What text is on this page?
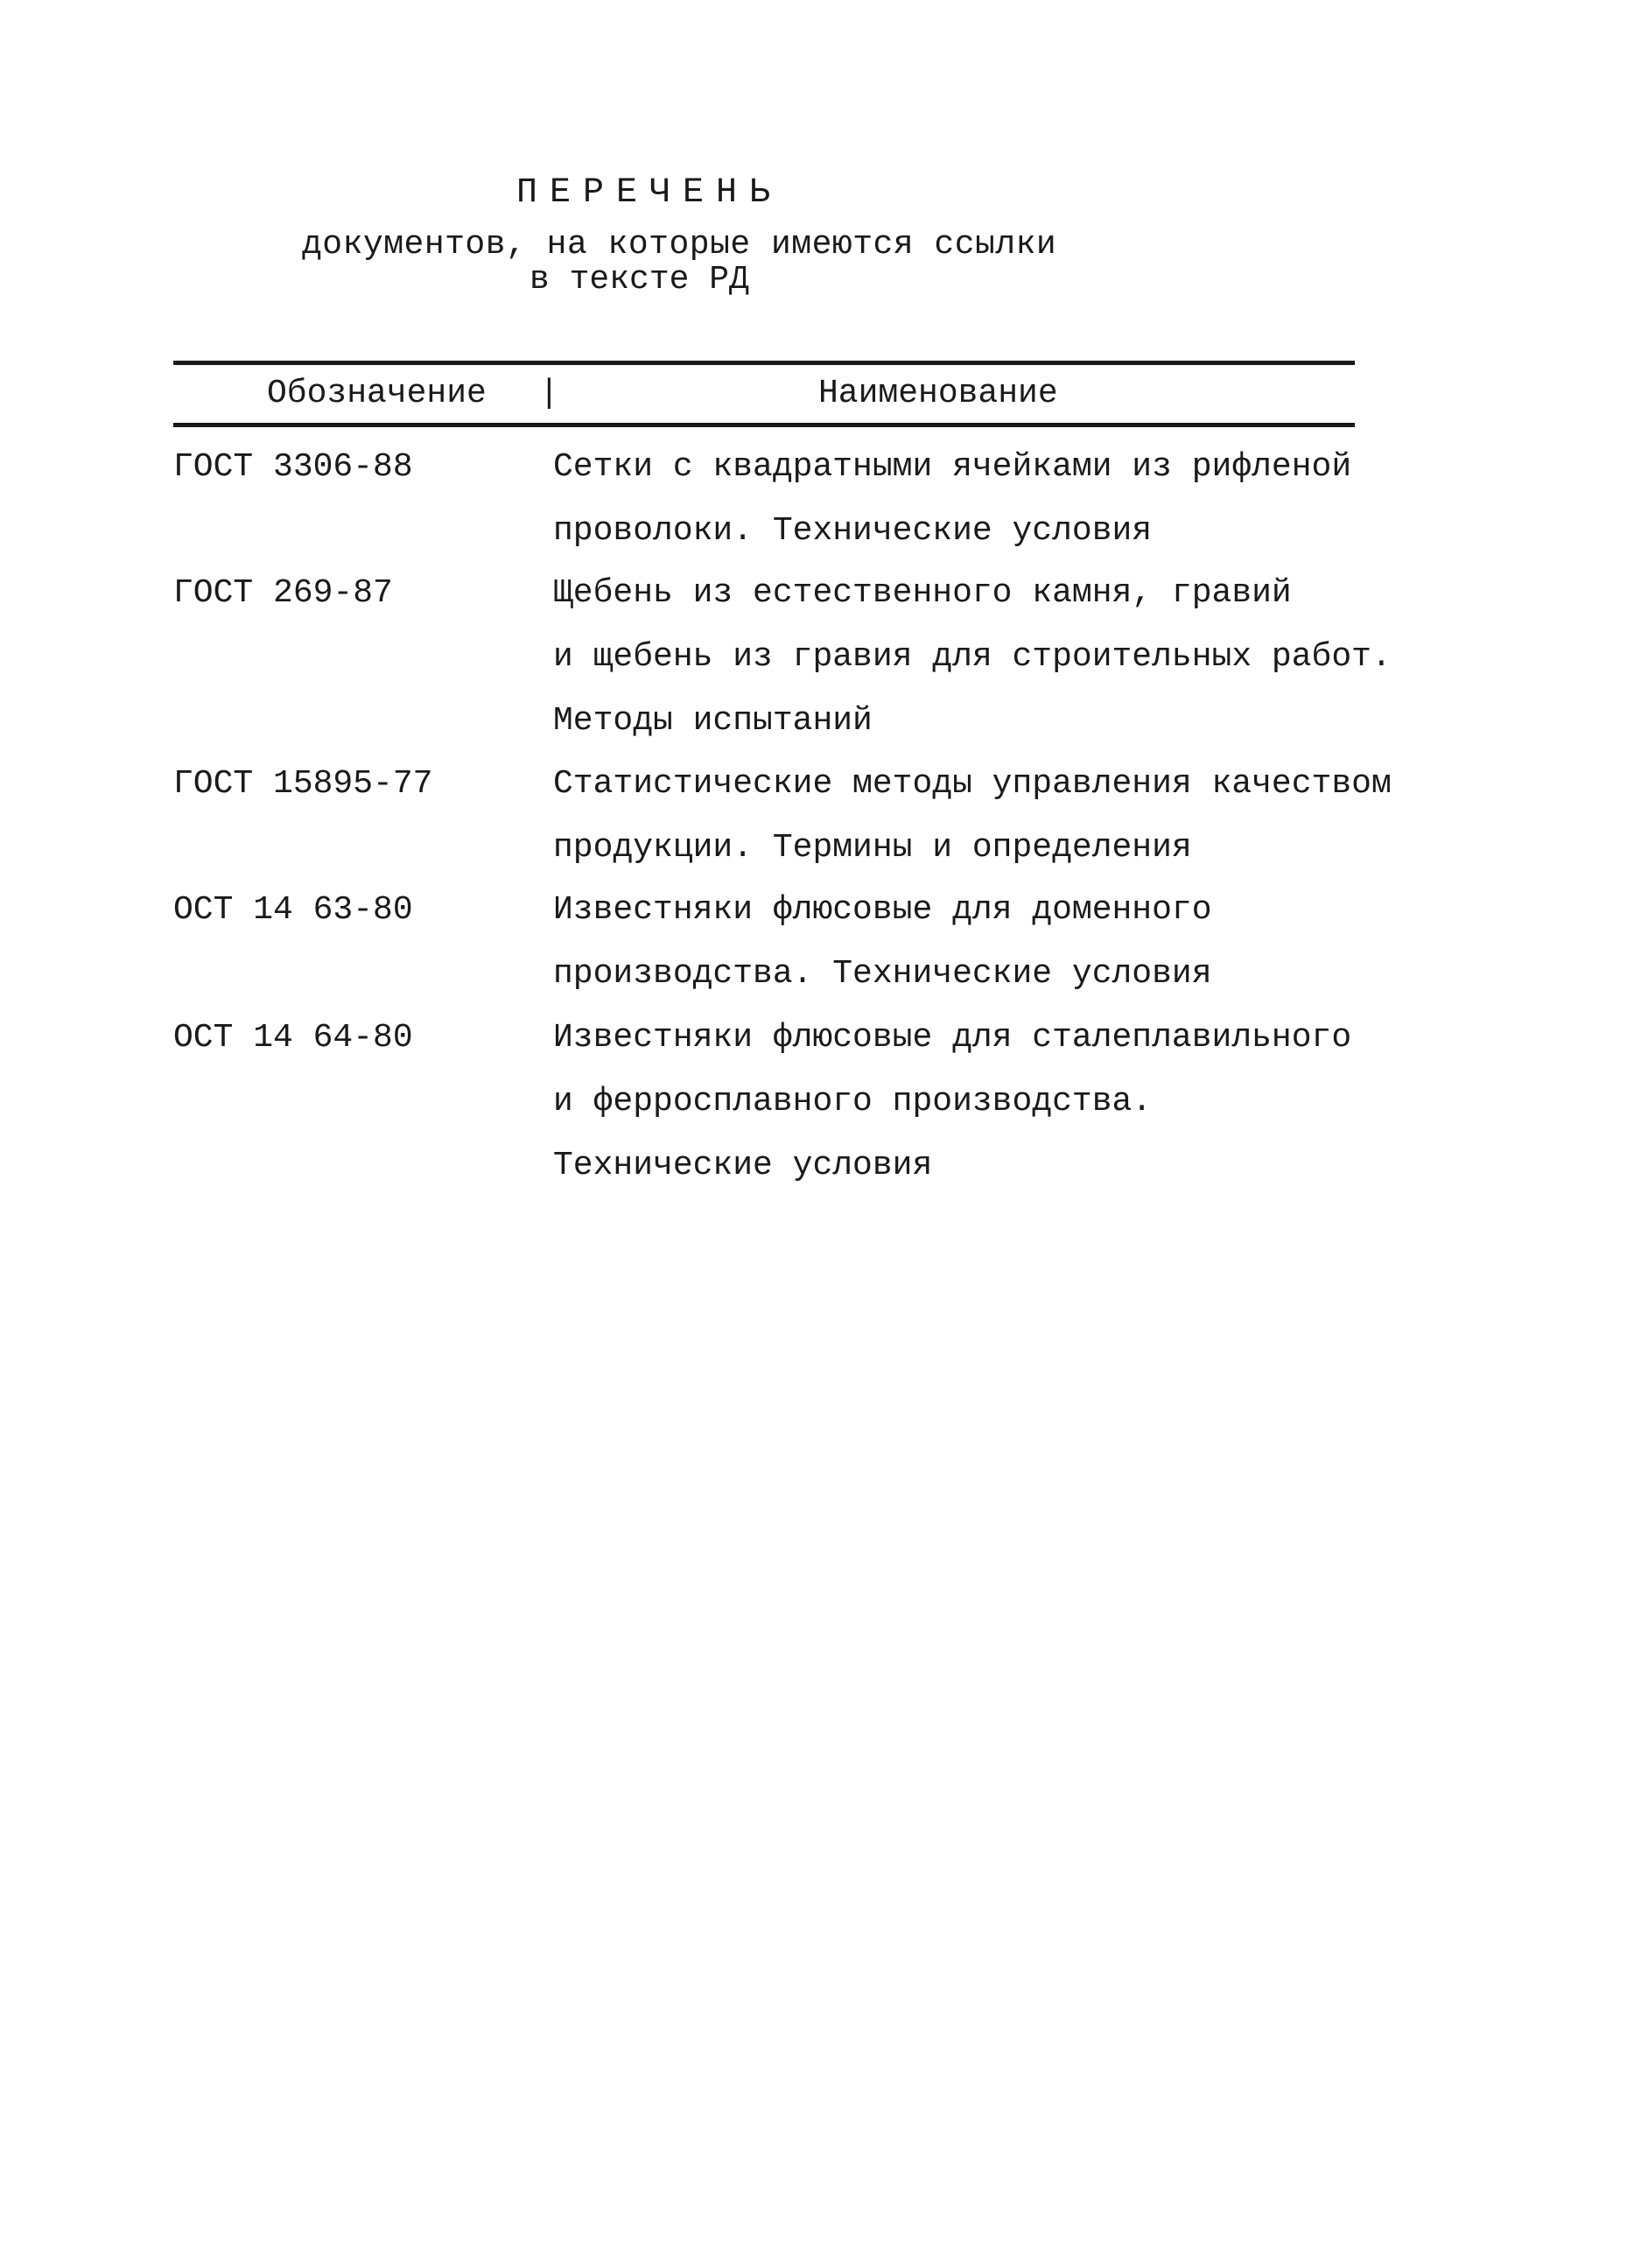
ПЕРЕЧЕНЬ
документов, на которые имеются ссылки
в тексте РД
Обозначение |	Наименование
ГОСТ 3306-88	Сетки с квадратными ячейками из рифленой
проволоки. Технические условия
ГОСТ 269-87	Щебень из естественного камня, гравий
и щебень из гравия для строительных работ.
Методы испытаний
ГОСТ 15895-77	Статистические методы управления качеством
продукции. Термины и определения
ОСТ 14 63-80	Известняки флюсовые для доменного
производства. Технические условия
ОСТ 14 64-80	Известняки флюсовые для сталеплавильного
и ферросплавного производства.
Технические условия
